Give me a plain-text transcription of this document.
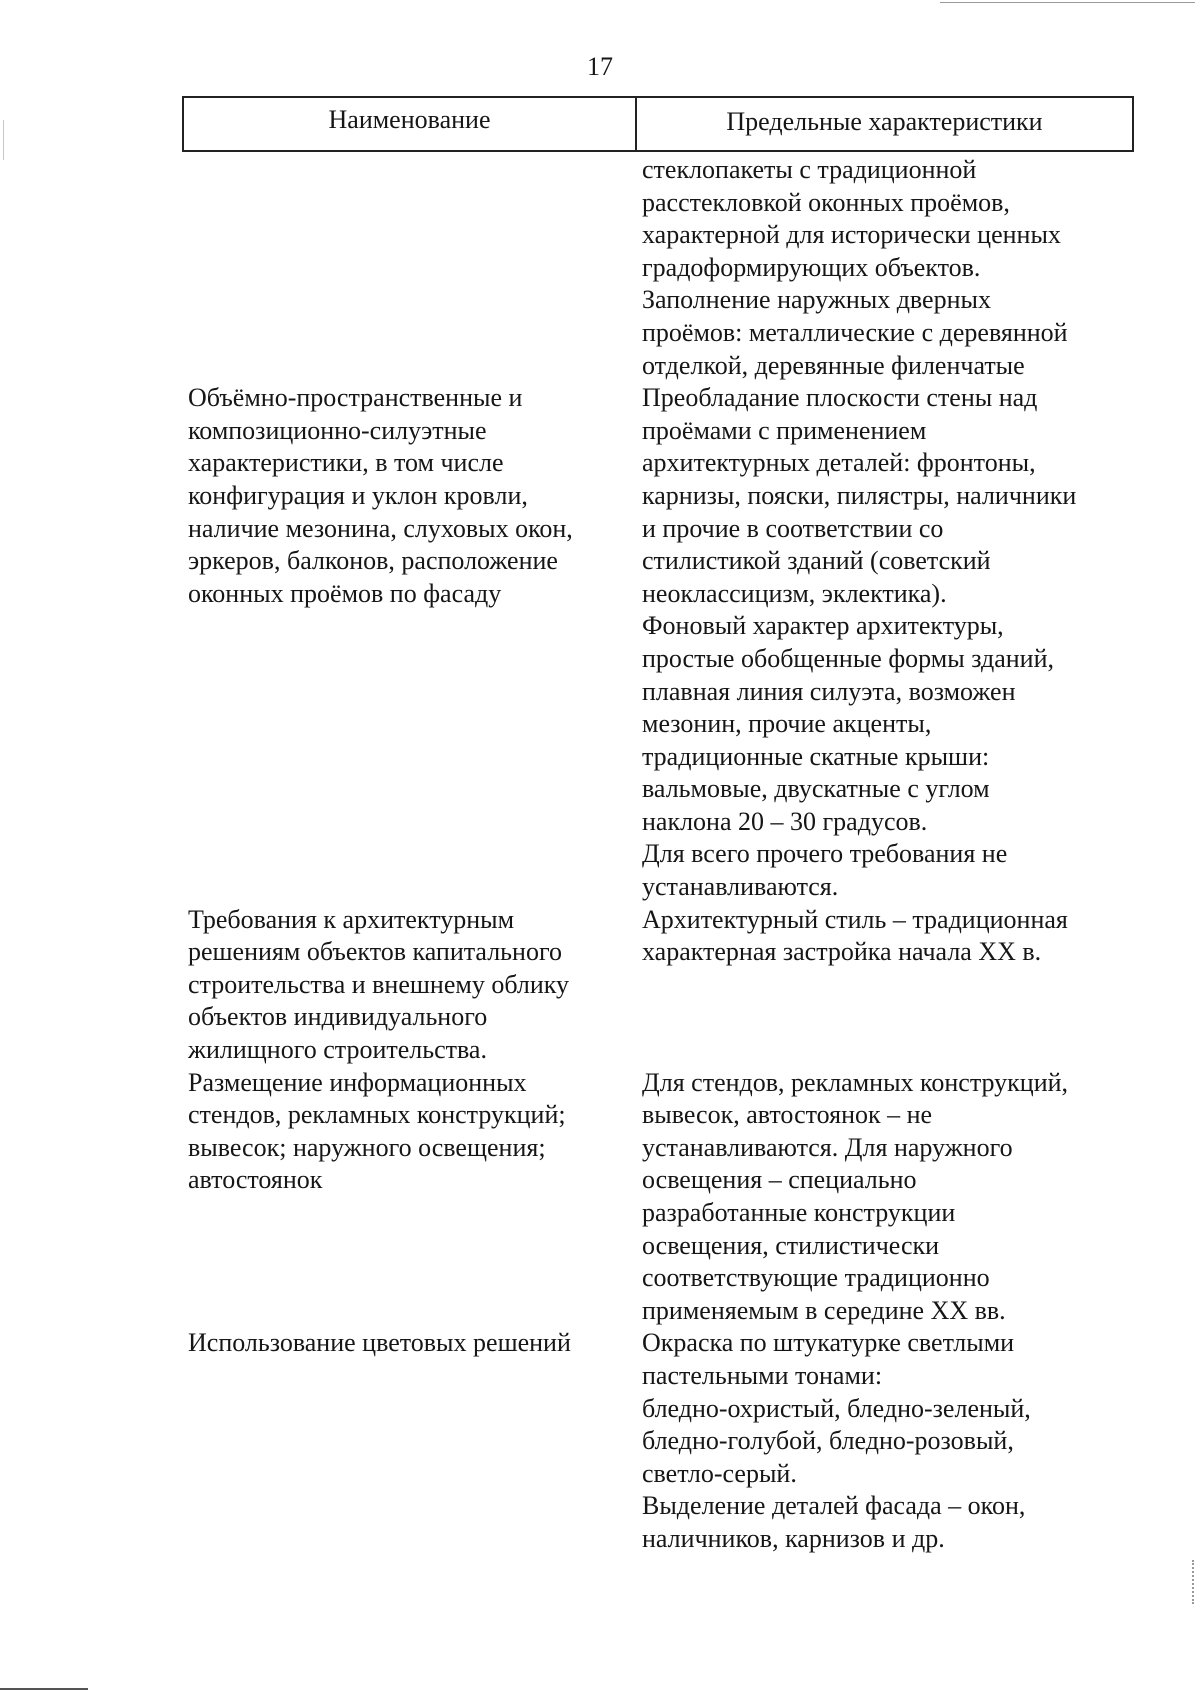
17
Наименование	Предельные характеристики
стеклопакеты с традиционной
расстекловкой оконных проёмов,
характерной для исторически ценных
градоформирующих объектов.
Заполнение наружных дверных
проёмов: металлические с деревянной
отделкой, деревянные филенчатые
Объёмно-пространственные и
композиционно-силуэтные
характеристики, в том числе
конфигурация и уклон кровли,
наличие мезонина, слуховых окон,
эркеров, балконов, расположение
оконных проёмов по фасаду
Преобладание плоскости стены над
проёмами с применением
архитектурных деталей: фронтоны,
карнизы, пояски, пилястры, наличники
и прочие в соответствии со
стилистикой зданий (советский
неоклассицизм, эклектика).
Фоновый характер архитектуры,
простые обобщенные формы зданий,
плавная линия силуэта, возможен
мезонин, прочие акценты,
традиционные скатные крыши:
вальмовые, двускатные с углом
наклона 20 – 30 градусов.
Для всего прочего требования не
устанавливаются.
Требования к архитектурным
решениям объектов капитального
строительства и внешнему облику
объектов индивидуального
жилищного строительства.
Архитектурный стиль – традиционная
характерная застройка начала XX в.
Размещение информационных
стендов, рекламных конструкций;
вывесок; наружного освещения;
автостоянок
Для стендов, рекламных конструкций,
вывесок, автостоянок – не
устанавливаются. Для наружного
освещения – специально
разработанные конструкции
освещения, стилистически
соответствующие традиционно
применяемым в середине XX вв.
Использование цветовых решений	Окраска по штукатурке светлыми
пастельными тонами:
бледно-охристый, бледно-зеленый,
бледно-голубой, бледно-розовый,
светло-серый.
Выделение деталей фасада – окон,
наличников, карнизов и др.
